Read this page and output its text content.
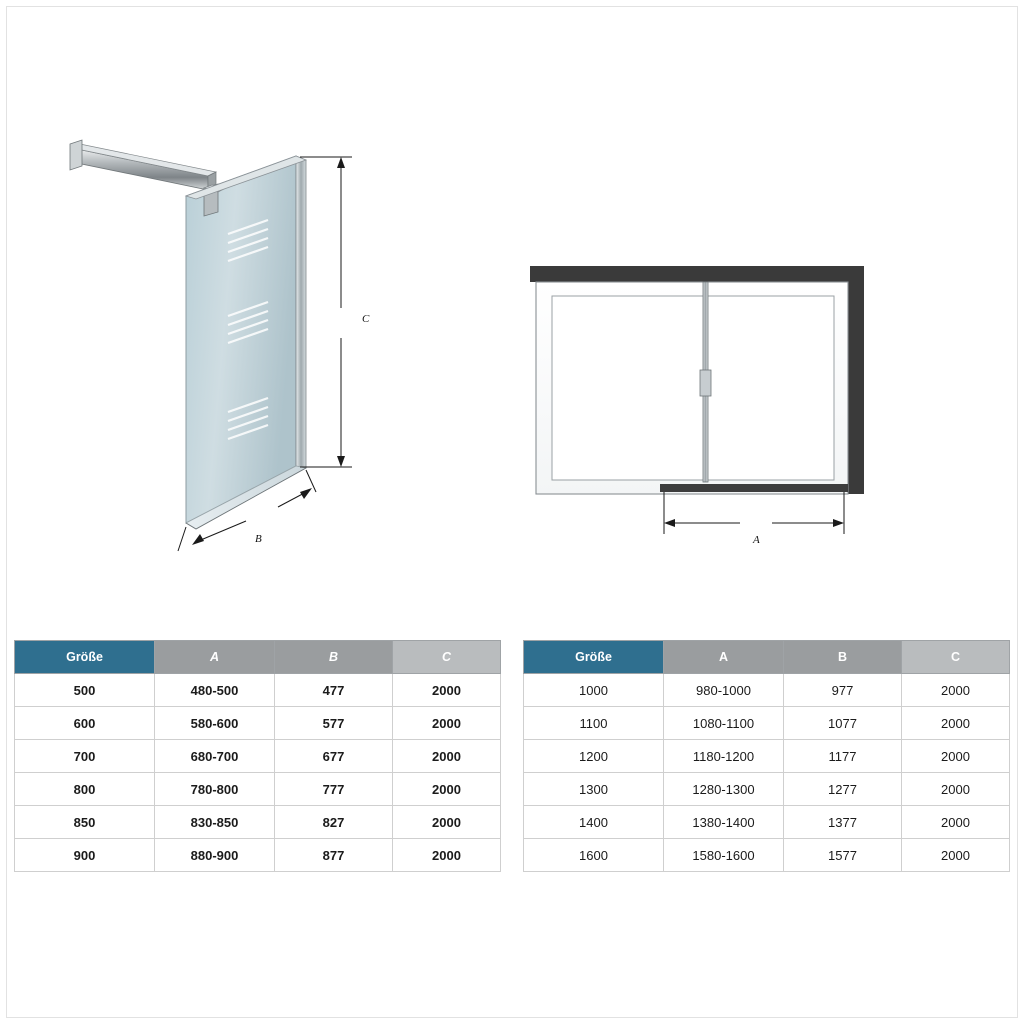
C
B	A
Größe	A	B	C
500	480-500	477	2000
600	580-600	577	2000
700	680-700	677	2000
800	780-800	777	2000
850	830-850	827	2000
900	880-900	877	2000
Größe	A	B	C
1000	980-1000	977	2000
1100	1080-1100	1077	2000
1200	1180-1200	1177	2000
1300	1280-1300	1277	2000
1400	1380-1400	1377	2000
1600	1580-1600	1577	2000
